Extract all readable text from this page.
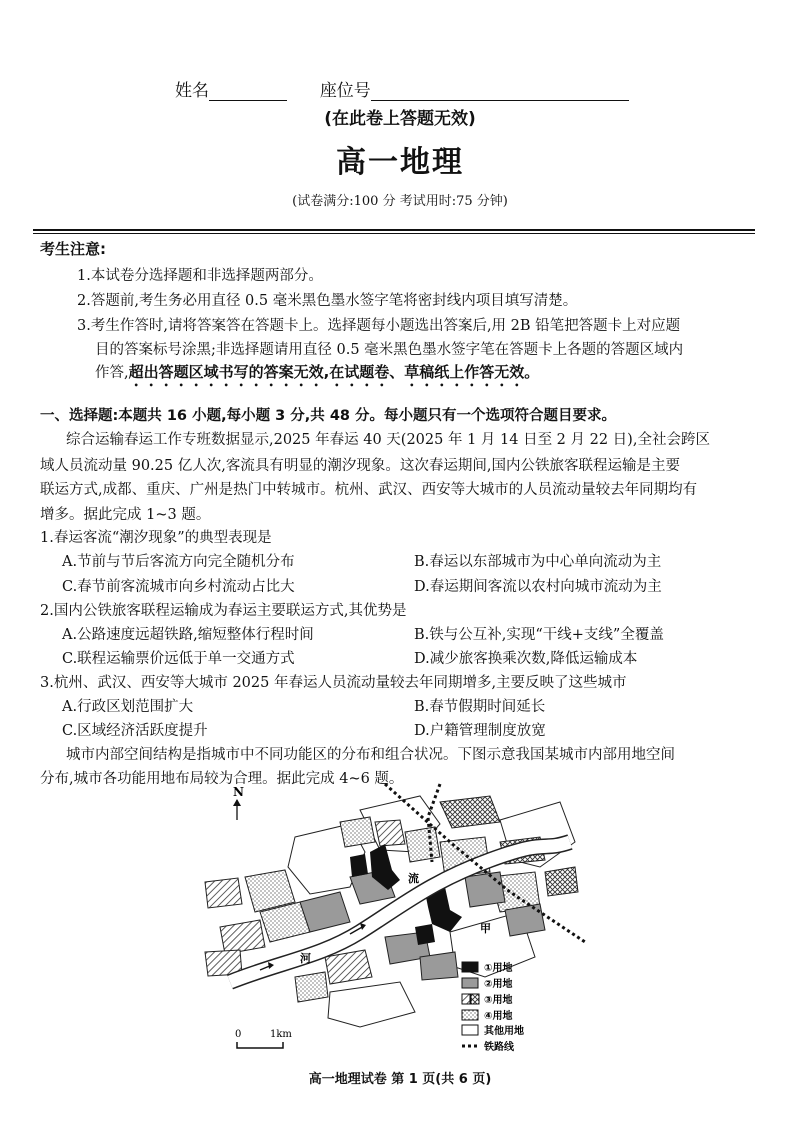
姓名	座位号
(在此卷上答题无效)
高一地理
(试卷满分:100 分 考试用时:75 分钟)
考生注意:
1.本试卷分选择题和非选择题两部分。
2.答题前,考生务必用直径 0.5 毫米黑色墨水签字笔将密封线内项目填写清楚。
3.考生作答时,请将答案答在答题卡上。选择题每小题选出答案后,用 2B 铅笔把答题卡上对应题
目的答案标号涂黑;非选择题请用直径 0.5 毫米黑色墨水签字笔在答题卡上各题的答题区域内
作答,超出答题区域书写的答案无效,在试题卷、草稿纸上作答无效。
一、选择题:本题共 16 小题,每小题 3 分,共 48 分。每小题只有一个选项符合题目要求。
综合运输春运工作专班数据显示,2025 年春运 40 天(2025 年 1 月 14 日至 2 月 22 日),全社会跨区
域人员流动量 90.25 亿人次,客流具有明显的潮汐现象。这次春运期间,国内公铁旅客联程运输是主要
联运方式,成都、重庆、广州是热门中转城市。杭州、武汉、西安等大城市的人员流动量较去年同期均有
增多。据此完成 1~3 题。
1.春运客流“潮汐现象”的典型表现是
A.节前与节后客流方向完全随机分布	B.春运以东部城市为中心单向流动为主
C.春节前客流城市向乡村流动占比大	D.春运期间客流以农村向城市流动为主
2.国内公铁旅客联程运输成为春运主要联运方式,其优势是
A.公路速度远超铁路,缩短整体行程时间	B.铁与公互补,实现“干线+支线”全覆盖
C.联程运输票价远低于单一交通方式	D.减少旅客换乘次数,降低运输成本
3.杭州、武汉、西安等大城市 2025 年春运人员流动量较去年同期增多,主要反映了这些城市
A.行政区划范围扩大	B.春节假期时间延长
C.区域经济活跃度提升	D.户籍管理制度放宽
城市内部空间结构是指城市中不同功能区的分布和组合状况。下图示意我国某城市内部用地空间
分布,城市各功能用地布局较为合理。据此完成 4~6 题。
N
流
河
甲
0	1km
①用地
②用地
③用地
④用地
其他用地
铁路线
高一地理试卷 第 1 页(共 6 页)
